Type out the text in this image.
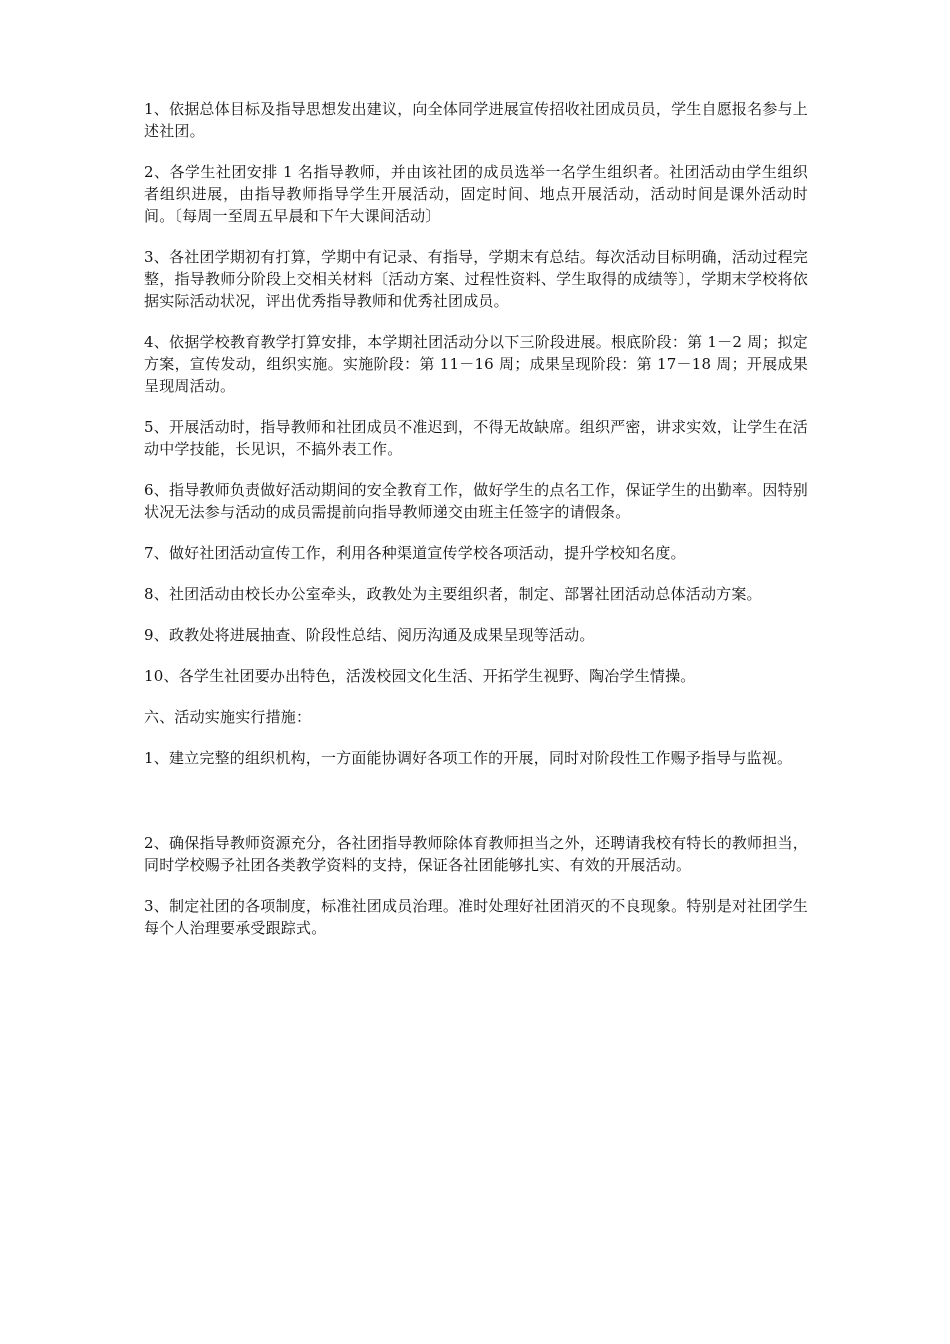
1、依据总体目标及指导思想发出建议，向全体同学进展宣传招收社团成员员，学生自愿报名参与上述社团。

2、各学生社团安排 1 名指导教师，并由该社团的成员选举一名学生组织者。社团活动由学生组织者组织进展，由指导教师指导学生开展活动，固定时间、地点开展活动，活动时间是课外活动时间。〔每周一至周五早晨和下午大课间活动〕

3、各社团学期初有打算，学期中有记录、有指导，学期末有总结。每次活动目标明确，活动过程完整，指导教师分阶段上交相关材料〔活动方案、过程性资料、学生取得的成绩等〕，学期末学校将依据实际活动状况，评出优秀指导教师和优秀社团成员。

4、依据学校教育教学打算安排，本学期社团活动分以下三阶段进展。根底阶段：第 1－2 周；拟定方案，宣传发动，组织实施。实施阶段：第 11－16 周；成果呈现阶段：第 17－18 周；开展成果呈现周活动。

5、开展活动时，指导教师和社团成员不准迟到，不得无故缺席。组织严密，讲求实效，让学生在活动中学技能，长见识，不搞外表工作。

6、指导教师负责做好活动期间的安全教育工作，做好学生的点名工作，保证学生的出勤率。因特别状况无法参与活动的成员需提前向指导教师递交由班主任签字的请假条。

7、做好社团活动宣传工作，利用各种渠道宣传学校各项活动，提升学校知名度。

8、社团活动由校长办公室牵头，政教处为主要组织者，制定、部署社团活动总体活动方案。

9、政教处将进展抽查、阶段性总结、阅历沟通及成果呈现等活动。

10、各学生社团要办出特色，活泼校园文化生活、开拓学生视野、陶冶学生情操。

六、活动实施实行措施：

1、建立完整的组织机构，一方面能协调好各项工作的开展，同时对阶段性工作赐予指导与监视。

2、确保指导教师资源充分，各社团指导教师除体育教师担当之外，还聘请我校有特长的教师担当，同时学校赐予社团各类教学资料的支持，保证各社团能够扎实、有效的开展活动。

3、制定社团的各项制度，标准社团成员治理。准时处理好社团消灭的不良现象。特别是对社团学生每个人治理要承受跟踪式。
